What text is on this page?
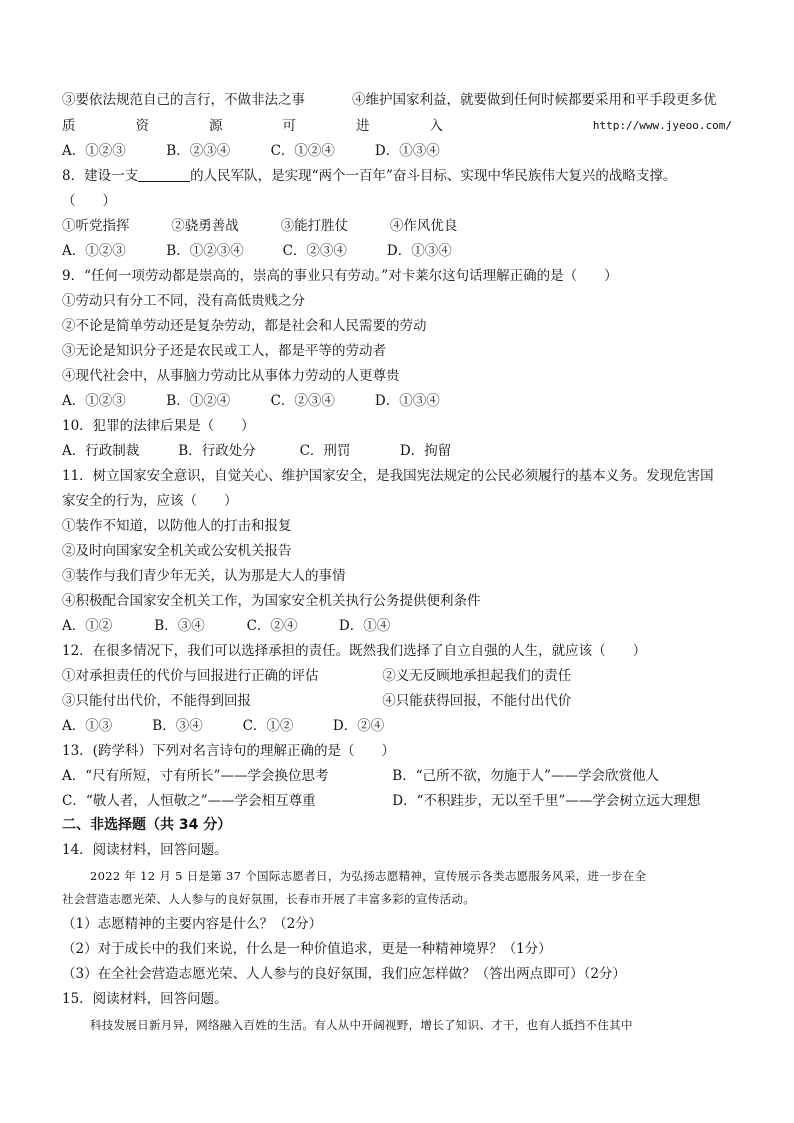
③要依法规范自己的言行，不做非法之事	④维护国家利益，就要做到任何时候都要采用和平手段更多优
质	资	源	可	进	入	http://www.jyeoo.com/
A．①②③	B．②③④	C．①②④	D．①③④
8．建设一支	的人民军队，是实现“两个一百年”奋斗目标、实现中华民族伟大复兴的战略支撑。
（　　）
①听党指挥	②骁勇善战	③能打胜仗	④作风优良
A．①②③	B．①②③④	C．②③④	D．①③④
9．“任何一项劳动都是崇高的，崇高的事业只有劳动。”对卡莱尔这句话理解正确的是（　　）
①劳动只有分工不同，没有高低贵贱之分
②不论是简单劳动还是复杂劳动，都是社会和人民需要的劳动
③无论是知识分子还是农民或工人，都是平等的劳动者
④现代社会中，从事脑力劳动比从事体力劳动的人更尊贵
A．①②③	B．①②④	C．②③④	D．①③④
10．犯罪的法律后果是（　　）
A．行政制裁	B．行政处分	C．刑罚	D．拘留
11．树立国家安全意识，自觉关心、维护国家安全，是我国宪法规定的公民必须履行的基本义务。发现危害国
家安全的行为，应该（　　）
①装作不知道，以防他人的打击和报复
②及时向国家安全机关或公安机关报告
③装作与我们青少年无关，认为那是大人的事情
④积极配合国家安全机关工作，为国家安全机关执行公务提供便利条件
A．①②	B．③④	C．②④	D．①④
12．在很多情况下，我们可以选择承担的责任。既然我们选择了自立自强的人生，就应该（　　）
①对承担责任的代价与回报进行正确的评估	②义无反顾地承担起我们的责任
③只能付出代价，不能得到回报	④只能获得回报，不能付出代价
A．①③	B．③④	C．①②	D．②④
13．(跨学科）下列对名言诗句的理解正确的是（　　）
A．“尺有所短，寸有所长”——学会换位思考	B．“己所不欲，勿施于人”——学会欣赏他人
C．“敬人者，人恒敬之”——学会相互尊重	D．“不积跬步，无以至千里”——学会树立远大理想
二、非选择题（共 34 分）
14．阅读材料，回答问题。
2022 年 12 月 5 日是第 37 个国际志愿者日，为弘扬志愿精神，宣传展示各类志愿服务风采，进一步在全
社会营造志愿光荣、人人参与的良好氛围，长春市开展了丰富多彩的宣传活动。
（1）志愿精神的主要内容是什么？（2分）
（2）对于成长中的我们来说，什么是一种价值追求，更是一种精神境界？（1分）
（3）在全社会营造志愿光荣、人人参与的良好氛围，我们应怎样做？（答出两点即可）（2分）
15．阅读材料，回答问题。
科技发展日新月异，网络融入百姓的生活。有人从中开阔视野，增长了知识、才干，也有人抵挡不住其中
